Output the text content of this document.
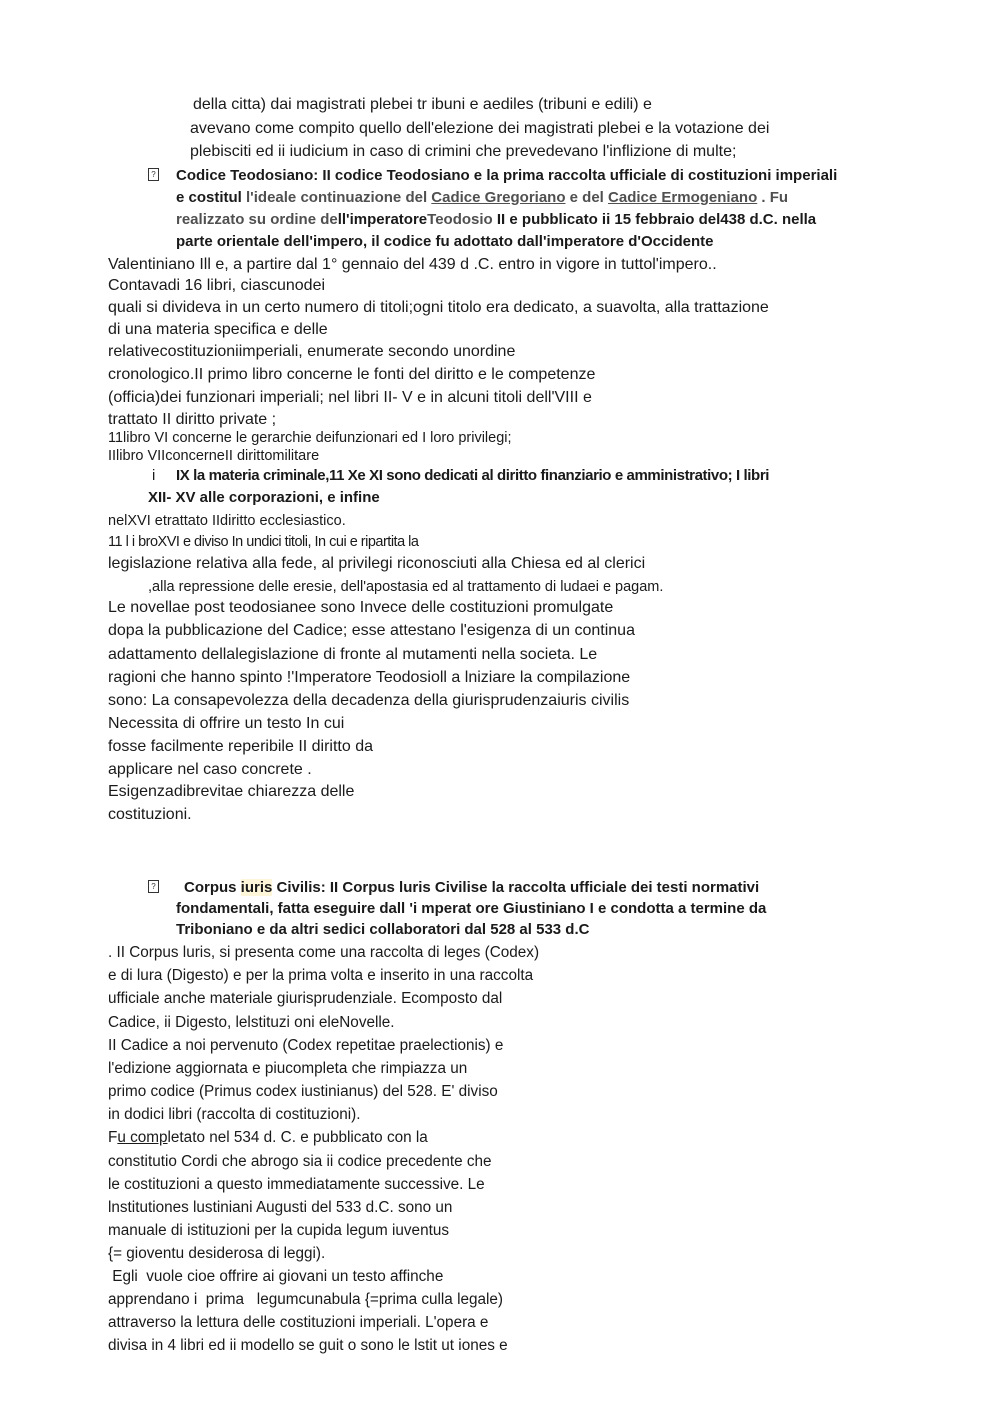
della citta) dai magistrati plebei tr ibuni e aediles (tribuni e edili) e
avevano come compito quello dell'elezione dei magistrati plebei e la votazione dei
plebisciti ed ii iudicium in caso di crimini che prevedevano l'inflizione di multe;
? Codice Teodosiano: II codice Teodosiano e la prima raccolta ufficiale di costituzioni imperiali
e costitul l'ideale continuazione del Cadice Gregoriano e del Cadice Ermogeniano . Fu
realizzato su ordine dell'imperatoreTeodosio II e pubblicato ii 15 febbraio del438 d.C. nella
parte orientale dell'impero, il codice fu adottato dall'imperatore d'Occidente
Valentiniano Ill e, a partire dal 1° gennaio del 439 d .C. entro in vigore in tuttol'impero..
Contavadi 16 libri, ciascunodei
quali si divideva in un certo numero di titoli;ogni titolo era dedicato, a suavolta, alla trattazione
di una materia specifica e delle
relativecostituzioniimperiali, enumerate secondo unordine
cronologico.II primo libro concerne le fonti del diritto e le competenze
(officia)dei funzionari imperiali; nel libri II- V e in alcuni titoli dell'VIII e
trattato II diritto private ;
11libro VI concerne le gerarchie deifunzionari ed I loro privilegi;
IIlibro VIIconcerneII dirittomilitare
i IX la materia criminale,11 Xe XI sono dedicati al diritto finanziario e amministrativo; I libri
XII- XV alle corporazioni, e infine
nelXVI etrattato IIdiritto ecclesiastico.
11 l i broXVI e diviso In undici titoli, In cui e ripartita la
legislazione relativa alla fede, al privilegi riconosciuti alla Chiesa ed al clerici
,alla repressione delle eresie, dell'apostasia ed al trattamento di ludaei e pagam.
Le novellae post teodosianee sono Invece delle costituzioni promulgate
dopa la pubblicazione del Cadice; esse attestano l'esigenza di un continua
adattamento dellalegislazione di fronte al mutamenti nella societa. Le
ragioni che hanno spinto !'Imperatore Teodosioll a lniziare la compilazione
sono: La consapevolezza della decadenza della giurisprudenzaiuris civilis
Necessita di offrire un testo In cui
fosse facilmente reperibile II diritto da
applicare nel caso concrete .
Esigenzadibrevitae chiarezza delle
costituzioni.
? Corpus iuris Civilis: II Corpus luris Civilise la raccolta ufficiale dei testi normativi
fondamentali, fatta eseguire dall 'i mperat ore Giustiniano I e condotta a termine da
Triboniano e da altri sedici collaboratori dal 528 al 533 d.C
. II Corpus luris, si presenta come una raccolta di leges (Codex)
e di lura (Digesto) e per la prima volta e inserito in una raccolta
ufficiale anche materiale giurisprudenziale. Ecomposto dal
Cadice, ii Digesto, lelstituzi oni eleNovelle.
II Cadice a noi pervenuto (Codex repetitae praelectionis) e
l'edizione aggiornata e piucompleta che rimpiazza un
primo codice (Primus codex iustinianus) del 528. E' diviso
in dodici libri (raccolta di costituzioni).
Fu completato nel 534 d. C. e pubblicato con la
constitutio Cordi che abrogo sia ii codice precedente che
le costituzioni a questo immediatamente successive. Le
lnstitutiones lustiniani Augusti del 533 d.C. sono un
manuale di istituzioni per la cupida legum iuventus
{= gioventu desiderosa di leggi).
Egli  vuole cioe offrire ai giovani un testo affinche
apprendano i  prima   legumcunabula {=prima culla legale)
attraverso la lettura delle costituzioni imperiali. L'opera e
divisa in 4 libri ed ii modello se guit o sono le lstit ut iones e
